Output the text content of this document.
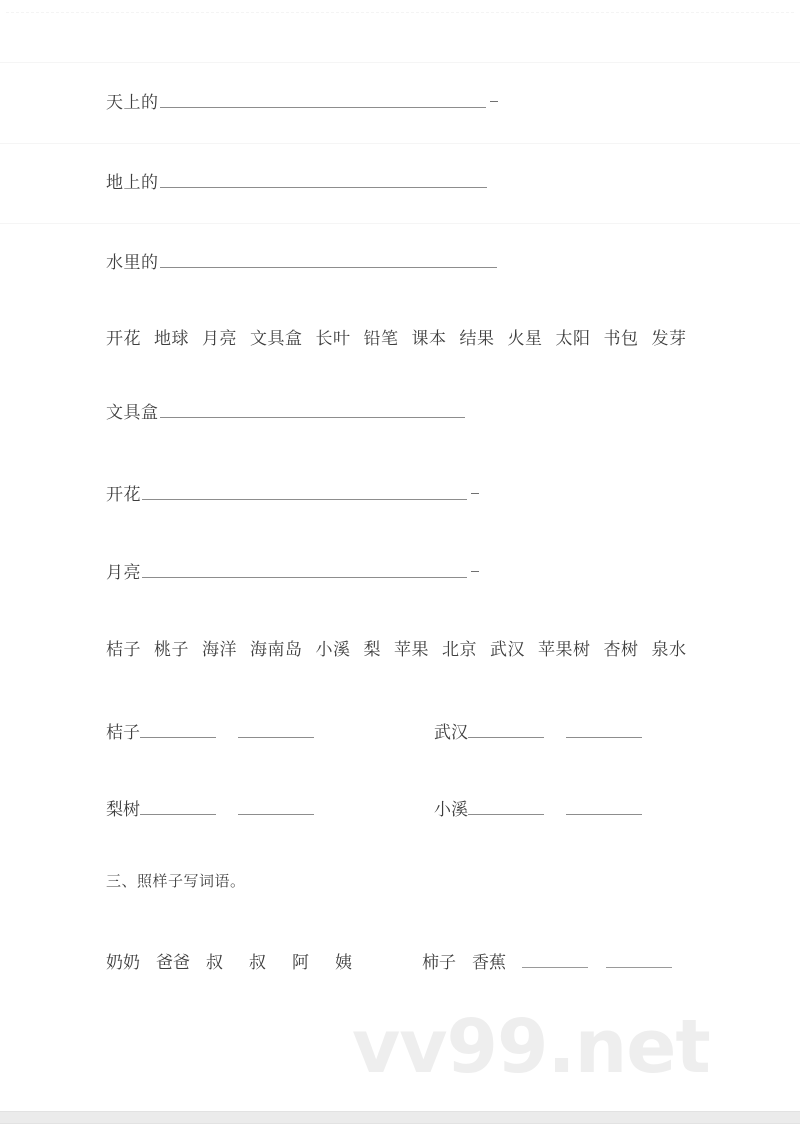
vv99.net
天上的
地上的
水里的
开花 地球 月亮 文具盒 长叶 铅笔 课本 结果 火星 太阳 书包 发芽
文具盒
开花
月亮
桔子 桃子 海洋 海南岛 小溪 梨 苹果 北京 武汉 苹果树 杏树 泉水
桔子	武汉
梨树	小溪
三、照样子写词语。
奶奶 爸爸 叔 叔 阿 姨	柿子 香蕉
